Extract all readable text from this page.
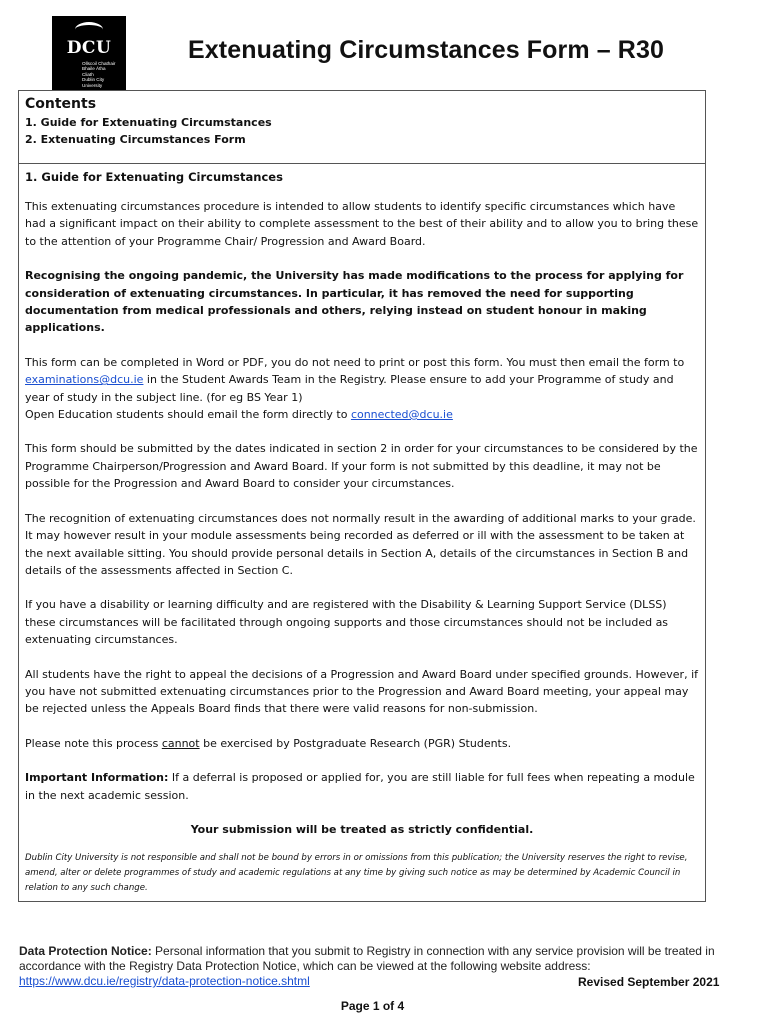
DCU
Ollscoil Chathair
Bhaile Átha Cliath
Dublin City University
Extenuating Circumstances Form – R30
Contents
1. Guide for Extenuating Circumstances
2. Extenuating Circumstances Form
1. Guide for Extenuating Circumstances

This extenuating circumstances procedure is intended to allow students to identify specific circumstances which have had a significant impact on their ability to complete assessment to the best of their ability and to allow you to bring these to the attention of your Programme Chair/ Progression and Award Board.

Recognising the ongoing pandemic, the University has made modifications to the process for applying for consideration of extenuating circumstances. In particular, it has removed the need for supporting documentation from medical professionals and others, relying instead on student honour in making applications.

This form can be completed in Word or PDF, you do not need to print or post this form. You must then email the form to examinations@dcu.ie in the Student Awards Team in the Registry. Please ensure to add your Programme of study and year of study in the subject line. (for eg BS Year 1)
Open Education students should email the form directly to connected@dcu.ie

This form should be submitted by the dates indicated in section 2 in order for your circumstances to be considered by the Programme Chairperson/Progression and Award Board. If your form is not submitted by this deadline, it may not be possible for the Progression and Award Board to consider your circumstances.

The recognition of extenuating circumstances does not normally result in the awarding of additional marks to your grade. It may however result in your module assessments being recorded as deferred or ill with the assessment to be taken at the next available sitting. You should provide personal details in Section A, details of the circumstances in Section B and details of the assessments affected in Section C.

If you have a disability or learning difficulty and are registered with the Disability & Learning Support Service (DLSS) these circumstances will be facilitated through ongoing supports and those circumstances should not be included as extenuating circumstances.

All students have the right to appeal the decisions of a Progression and Award Board under specified grounds. However, if you have not submitted extenuating circumstances prior to the Progression and Award Board meeting, your appeal may be rejected unless the Appeals Board finds that there were valid reasons for non-submission.

Please note this process cannot be exercised by Postgraduate Research (PGR) Students.

Important Information: If a deferral is proposed or applied for, you are still liable for full fees when repeating a module in the next academic session.

Your submission will be treated as strictly confidential.

Dublin City University is not responsible and shall not be bound by errors in or omissions from this publication; the University reserves the right to revise, amend, alter or delete programmes of study and academic regulations at any time by giving such notice as may be determined by Academic Council in relation to any such change.

Data Protection Notice: Personal information that you submit to Registry in connection with any service provision will be treated in accordance with the Registry Data Protection Notice, which can be viewed at the following website address: https://www.dcu.ie/registry/data-protection-notice.shtml	Revised September 2021
Page 1 of 4
